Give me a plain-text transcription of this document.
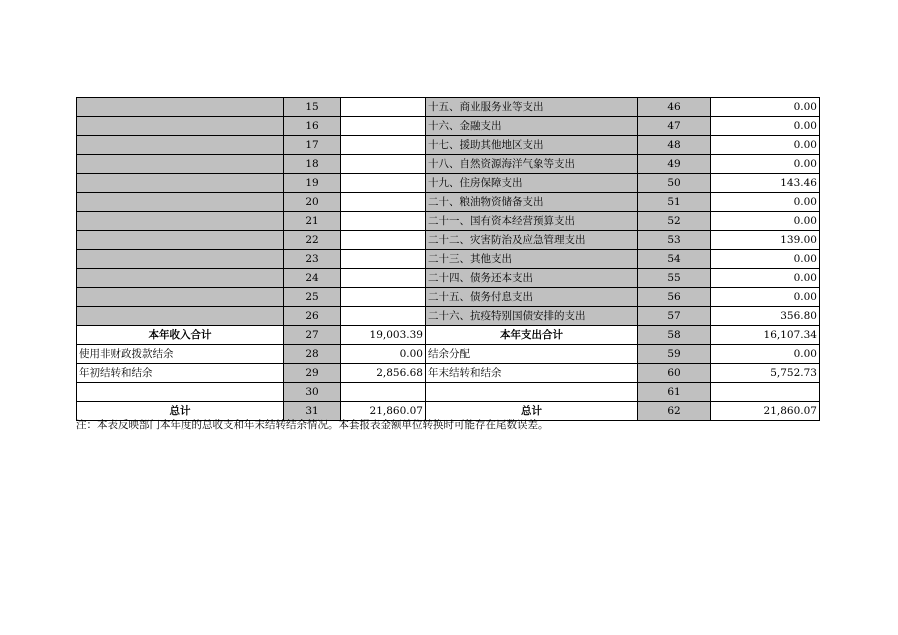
	15		十五、商业服务业等支出	46	0.00
	16		十六、金融支出	47	0.00
	17		十七、援助其他地区支出	48	0.00
	18		十八、自然资源海洋气象等支出	49	0.00
	19		十九、住房保障支出	50	143.46
	20		二十、粮油物资储备支出	51	0.00
	21		二十一、国有资本经营预算支出	52	0.00
	22		二十二、灾害防治及应急管理支出	53	139.00
	23		二十三、其他支出	54	0.00
	24		二十四、债务还本支出	55	0.00
	25		二十五、债务付息支出	56	0.00
	26		二十六、抗疫特别国债安排的支出	57	356.80
本年收入合计	27	19,003.39	本年支出合计	58	16,107.34
使用非财政拨款结余	28	0.00	结余分配	59	0.00
年初结转和结余	29	2,856.68	年末结转和结余	60	5,752.73
	30			61	
总计	31	21,860.07	总计	62	21,860.07
注：本表反映部门本年度的总收支和年末结转结余情况。本套报表金额单位转换时可能存在尾数误差。
